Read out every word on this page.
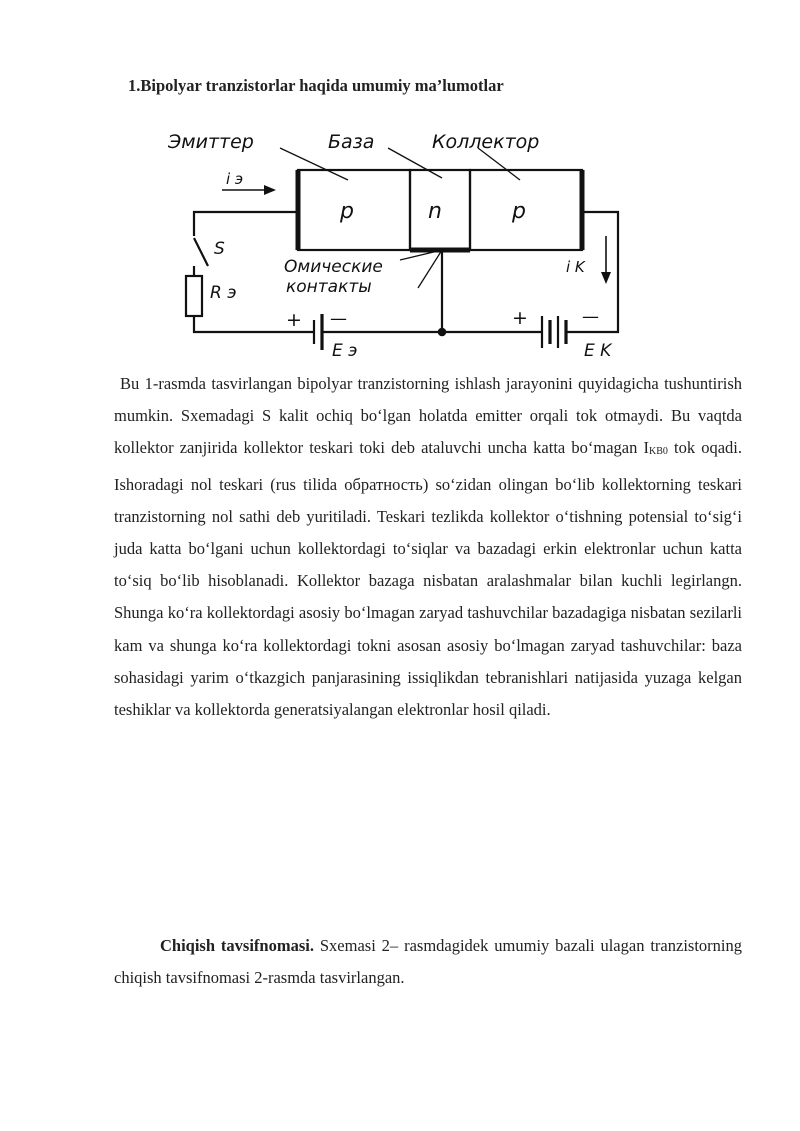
1.Bipolyar tranzistorlar haqida umumiy ma’lumotlar
Эмиттер	База	Коллектор
p	n	p
i э
i K
S
R э
Омические
контакты
E э	E K
+ —	+	—

Bu 1-rasmda tasvirlangan bipolyar tranzistorning ishlash jarayonini quyidagicha tushuntirish mumkin. Sxemadagi S kalit ochiq bo‘lgan holatda emitter orqali tok otmaydi. Bu vaqtda kollektor zanjirida kollektor teskari toki deb ataluvchi uncha katta bo‘magan IKB0 tok oqadi. Ishoradagi nol teskari (rus tilida обратность) so‘zidan olingan bo‘lib kollektorning teskari tranzistorning nol sathi deb yuritiladi. Teskari tezlikda kollektor o‘tishning potensial to‘sig‘i juda katta bo‘lgani uchun kollektordagi to‘siqlar va bazadagi erkin elektronlar uchun katta to‘siq bo‘lib hisoblanadi. Kollektor bazaga nisbatan aralashmalar bilan kuchli legirlangn. Shunga ko‘ra kollektordagi asosiy bo‘lmagan zaryad tashuvchilar bazadagiga nisbatan sezilarli kam va shunga ko‘ra kollektordagi tokni asosan asosiy bo‘lmagan zaryad tashuvchilar: baza sohasidagi yarim o‘tkazgich panjarasining issiqlikdan tebranishlari natijasida yuzaga kelgan teshiklar va kollektorda generatsiyalangan elektronlar hosil qiladi.

Chiqish tavsifnomasi. Sxemasi 2– rasmdagidek umumiy bazali ulagan tranzistorning chiqish tavsifnomasi 2-rasmda tasvirlangan.
